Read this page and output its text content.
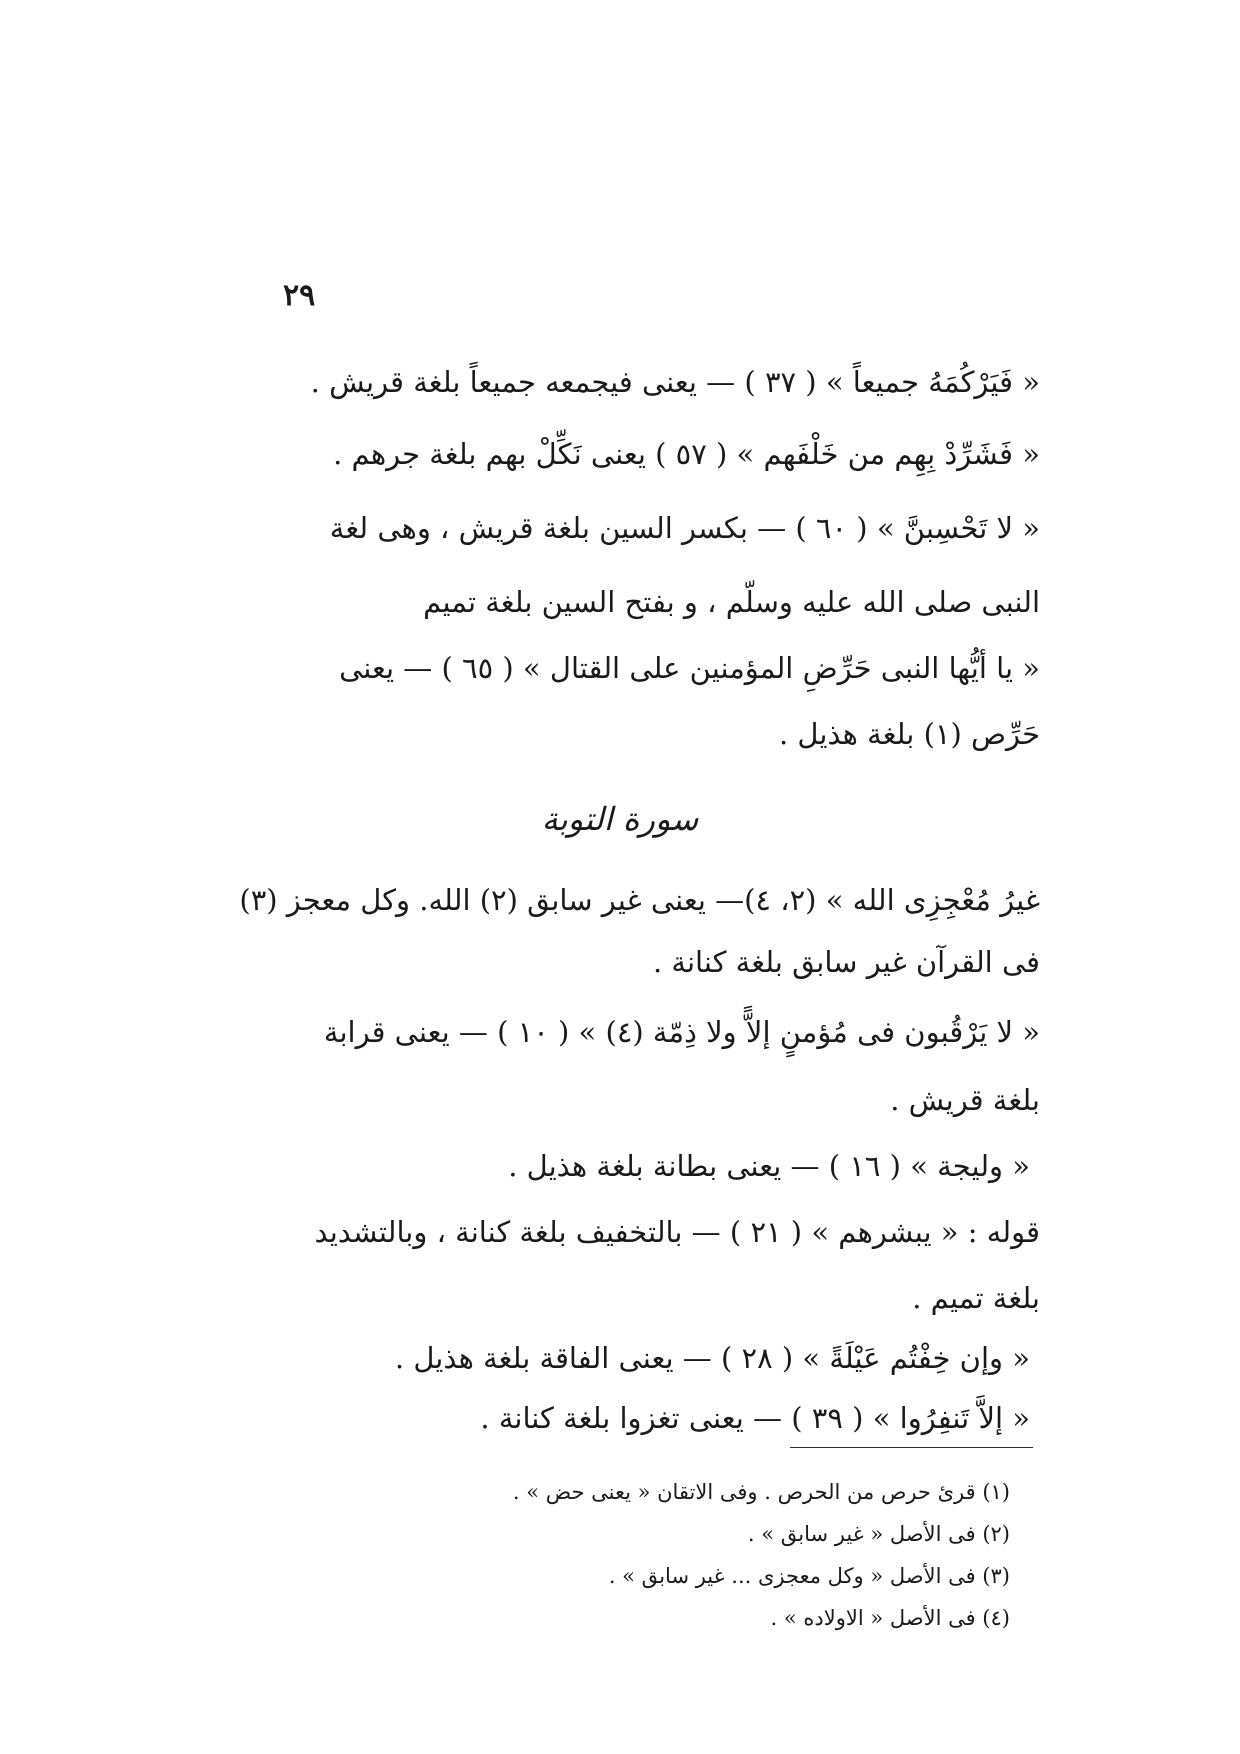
٢٩
« فَيَرْكُمَهُ جميعاً » ( ٣٧ ) — يعنى فيجمعه جميعاً بلغة قريش .
« فَشَرِّدْ بِهِم من خَلْفَهم » ( ٥٧ ) يعنى نَكِّلْ بهم بلغة جرهم .
« لا تَحْسِبنَّ » ( ٦٠ ) — بكسر السين بلغة قريش ، وهى لغة
النبى صلى الله عليه وسلّم ، و بفتح السين بلغة تميم
« يا أيُّها النبى حَرِّضِ المؤمنين على القتال » ( ٦٥ ) — يعنى
حَرِّص (١) بلغة هذيل .
سورة التوبة
غيرُ مُعْجِزِى الله » (٢، ٤)— يعنى غير سابق (٢) الله. وكل معجز (٣)
فى القرآن غير سابق بلغة كنانة .
« لا يَرْقُبون فى مُؤمنٍ إلاًّ ولا ذِمّة (٤) » ( ١٠ ) — يعنى قرابة
بلغة قريش .
« وليجة » ( ١٦ ) — يعنى بطانة بلغة هذيل .
قوله : « يبشرهم » ( ٢١ ) — بالتخفيف بلغة كنانة ، وبالتشديد
بلغة تميم .
« وإن خِفْتُم عَيْلَةً » ( ٢٨ ) — يعنى الفاقة بلغة هذيل .
« إلاَّ تَنفِرُوا » ( ٣٩ ) — يعنى تغزوا بلغة كنانة .
(١) قرئ حرص من الحرص . وفى الاتقان « يعنى حض » .
(٢) فى الأصل « غير سابق » .
(٣) فى الأصل « وكل معجزى ... غير سابق » .
(٤) فى الأصل « الاولاده » .
